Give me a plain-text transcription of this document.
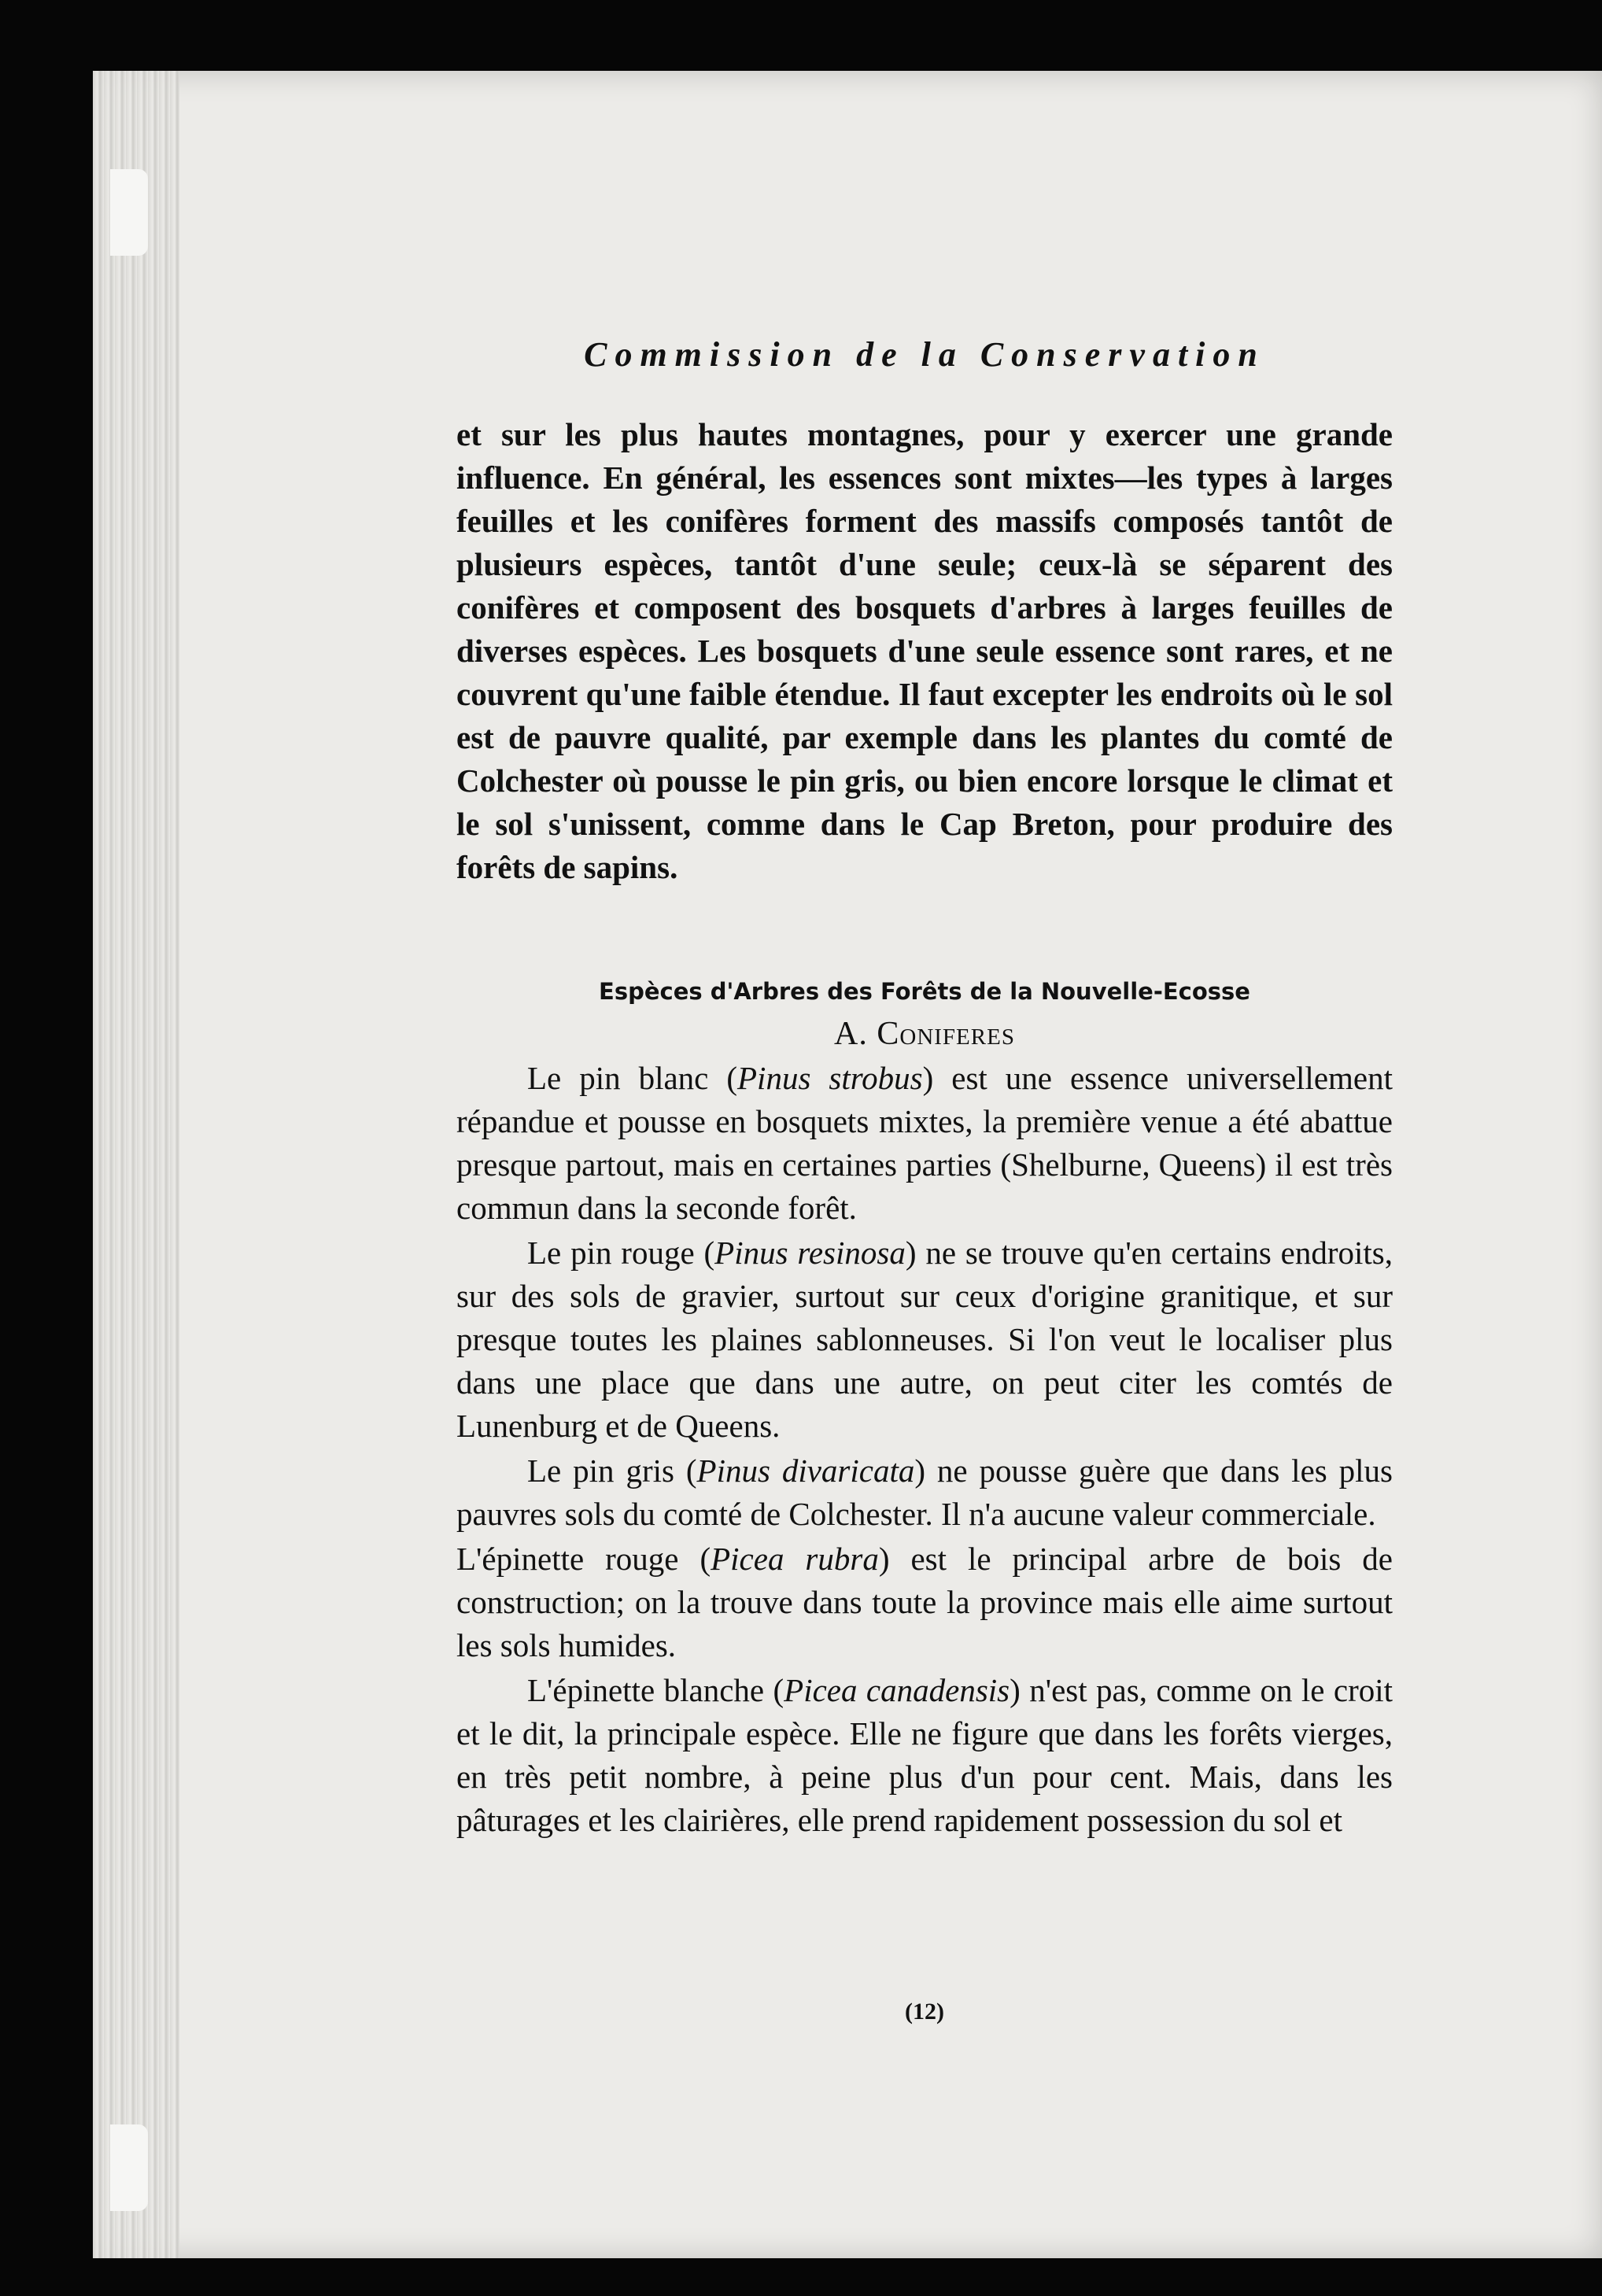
Commission de la Conservation

et sur les plus hautes montagnes, pour y exercer une grande influence. En général, les essences sont mixtes—les types à larges feuilles et les conifères forment des massifs composés tantôt de plusieurs espèces, tantôt d'une seule; ceux-là se séparent des conifères et composent des bosquets d'arbres à larges feuilles de diverses espèces. Les bosquets d'une seule essence sont rares, et ne couvrent qu'une faible étendue. Il faut excepter les endroits où le sol est de pauvre qualité, par exemple dans les plantes du comté de Colchester où pousse le pin gris, ou bien encore lorsque le climat et le sol s'unissent, comme dans le Cap Breton, pour produire des forêts de sapins.

Espèces d'Arbres des Forêts de la Nouvelle-Ecosse
A. Coniferes

Le pin blanc (Pinus strobus) est une essence universellement répandue et pousse en bosquets mixtes, la première venue a été abattue presque partout, mais en certaines parties (Shelburne, Queens) il est très commun dans la seconde forêt.

Le pin rouge (Pinus resinosa) ne se trouve qu'en certains endroits, sur des sols de gravier, surtout sur ceux d'origine granitique, et sur presque toutes les plaines sablonneuses. Si l'on veut le localiser plus dans une place que dans une autre, on peut citer les comtés de Lunenburg et de Queens.

Le pin gris (Pinus divaricata) ne pousse guère que dans les plus pauvres sols du comté de Colchester. Il n'a aucune valeur commerciale.

L'épinette rouge (Picea rubra) est le principal arbre de bois de construction; on la trouve dans toute la province mais elle aime surtout les sols humides.

L'épinette blanche (Picea canadensis) n'est pas, comme on le croit et le dit, la principale espèce. Elle ne figure que dans les forêts vierges, en très petit nombre, à peine plus d'un pour cent. Mais, dans les pâturages et les clairières, elle prend rapidement possession du sol et

(12)
